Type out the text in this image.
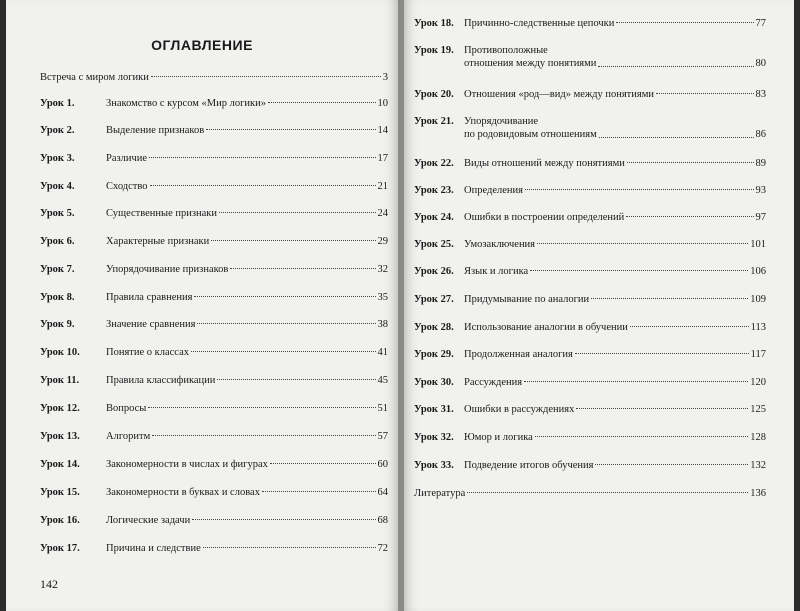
ОГЛАВЛЕНИЕ
Встреча с миром логики	3
Урок 1.	Знакомство с курсом «Мир логики»	10
Урок 2.	Выделение признаков	14
Урок 3.	Различие	17
Урок 4.	Сходство	21
Урок 5.	Существенные признаки	24
Урок 6.	Характерные признаки	29
Урок 7.	Упорядочивание признаков	32
Урок 8.	Правила сравнения	35
Урок 9.	Значение сравнения	38
Урок 10.	Понятие о классах	41
Урок 11.	Правила классификации	45
Урок 12.	Вопросы	51
Урок 13.	Алгоритм	57
Урок 14.	Закономерности в числах и фигурах	60
Урок 15.	Закономерности в буквах и словах	64
Урок 16.	Логические задачи	68
Урок 17.	Причина и следствие	72
142
Урок 18. Причинно-следственные цепочки	77
Урок 19. Противоположные
отношения между понятиями	80
Урок 20. Отношения «род—вид» между понятиями	83
Урок 21. Упорядочивание
по родовидовым отношениям	86
Урок 22. Виды отношений между понятиями	89
Урок 23. Определения	93
Урок 24. Ошибки в построении определений	97
Урок 25. Умозаключения	101
Урок 26. Язык и логика	106
Урок 27. Придумывание по аналогии	109
Урок 28. Использование аналогии в обучении	113
Урок 29. Продолженная аналогия	117
Урок 30. Рассуждения	120
Урок 31. Ошибки в рассуждениях	125
Урок 32. Юмор и логика	128
Урок 33. Подведение итогов обучения	132
Литература	136
